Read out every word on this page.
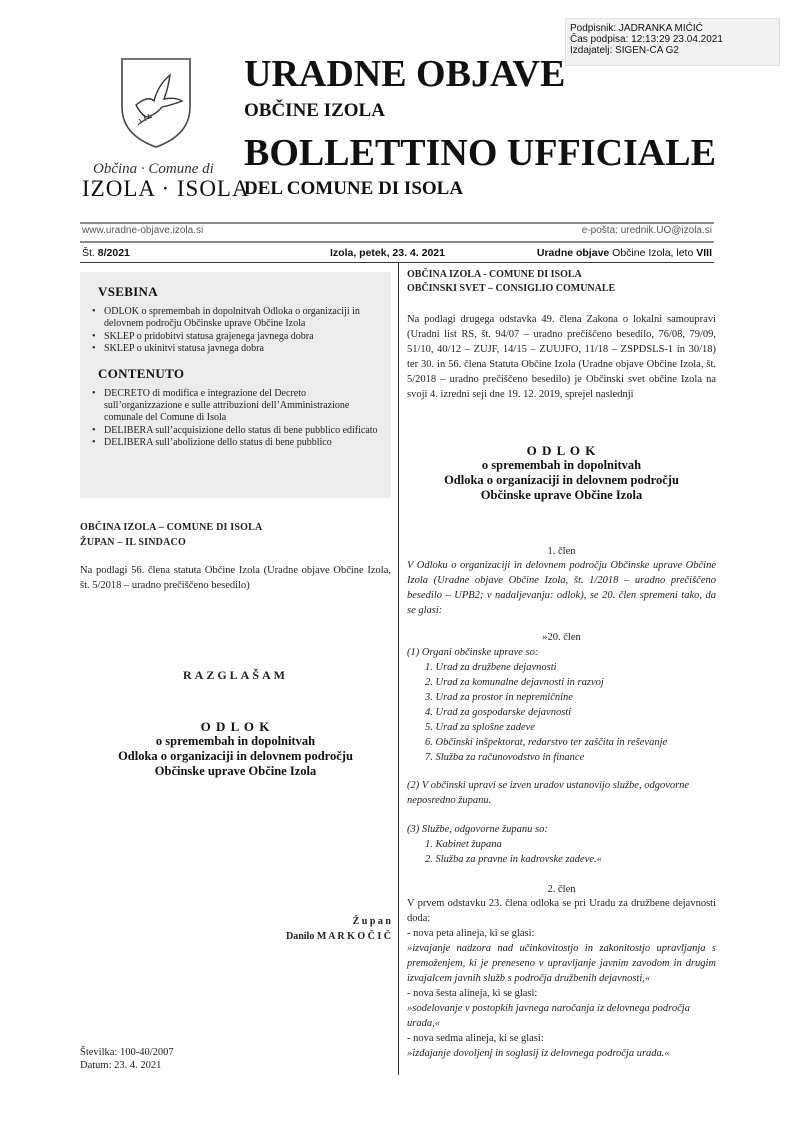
Podpisnik: JADRANKA MIĆIĆ
Čas podpisa: 12:13:29 23.04.2021
Izdajatelj: SIGEN-CA G2
Občina · Comune di
IZOLA · ISOLA
URADNE OBJAVE
OBČINE IZOLA
BOLLETTINO UFFICIALE
DEL COMUNE DI ISOLA
www.uradne-objave.izola.si	e-pošta: urednik.UO@izola.si
Št. 8/2021	Izola, petek, 23. 4. 2021	Uradne objave Občine Izola, leto VIII
VSEBINA
• ODLOK o spremembah in dopolnitvah Odloka o organizaciji in delovnem področju Občinske uprave Občine Izola
• SKLEP o pridobitvi statusa grajenega javnega dobra
• SKLEP o ukinitvi statusa javnega dobra
CONTENUTO
• DECRETO di modifica e integrazione del Decreto sull’organizzazione e sulle attribuzioni dell’Amministrazione comunale del Comune di Isola
• DELIBERA sull’acquisizione dello status di bene pubblico edificato
• DELIBERA sull’abolizione dello status di bene pubblico
OBČINA IZOLA – COMUNE DI ISOLA
ŽUPAN – IL SINDACO
Na podlagi 56. člena statuta Občine Izola (Uradne objave Občine Izola, št. 5/2018 – uradno prečiščeno besedilo)
RAZGLAŠAM
O D L O K
o spremembah in dopolnitvah
Odloka o organizaciji in delovnem področju
Občinske uprave Občine Izola
Ž u p a n
Danilo M A R K O Č I Č
Številka: 100-40/2007
Datum: 23. 4. 2021
OBČINA IZOLA - COMUNE DI ISOLA
OBČINSKI SVET – CONSIGLIO COMUNALE
Na podlagi drugega odstavka 49. člena Zakona o lokalni samoupravi (Uradni list RS, št. 94/07 – uradno prečiščeno besedilo, 76/08, 79/09, 51/10, 40/12 – ZUJF, 14/15 – ZUUJFO, 11/18 – ZSPDSLS-1 in 30/18) ter 30. in 56. člena Statuta Občine Izola (Uradne objave Občine Izola, št. 5/2018 – uradno prečiščeno besedilo) je Občinski svet občine Izola na svoji 4. izredni seji dne 19. 12. 2019, sprejel naslednji
O D L O K
o spremembah in dopolnitvah
Odloka o organizaciji in delovnem področju
Občinske uprave Občine Izola
1. člen
V Odloku o organizaciji in delovnem področju Občinske uprave Občine Izola (Uradne objave Občine Izola, št. 1/2018 – uradno prečiščeno besedilo – UPB2; v nadaljevanju: odlok), se 20. člen spremeni tako, da se glasi:
»20. člen
(1) Organi občinske uprave so:
1. Urad za družbene dejavnosti
2. Urad za komunalne dejavnosti in razvoj
3. Urad za prostor in nepremičnine
4. Urad za gospodarske dejavnosti
5. Urad za splošne zadeve
6. Občinski inšpektorat, redarstvo ter zaščita in reševanje
7. Služba za računovodstvo in finance
(2) V občinski upravi se izven uradov ustanovijo službe, odgovorne neposredno županu.
(3) Službe, odgovorne županu so:
1. Kabinet župana
2. Služba za pravne in kadrovske zadeve.«
2. člen
V prvem odstavku 23. člena odloka se pri Uradu za družbene dejavnosti doda:
- nova peta alineja, ki se glasi:
»izvajanje nadzora nad učinkovitostjo in zakonitostjo upravljanja s premoženjem, ki je preneseno v upravljanje javnim zavodom in drugim izvajalcem javnih služb s področja družbenih dejavnosti,«
- nova šesta alineja, ki se glasi:
»sodelovanje v postopkih javnega naročanja iz delovnega področja urada,«
- nova sedma alineja, ki se glasi:
»izdajanje dovoljenj in soglasij iz delovnega področja urada.«
